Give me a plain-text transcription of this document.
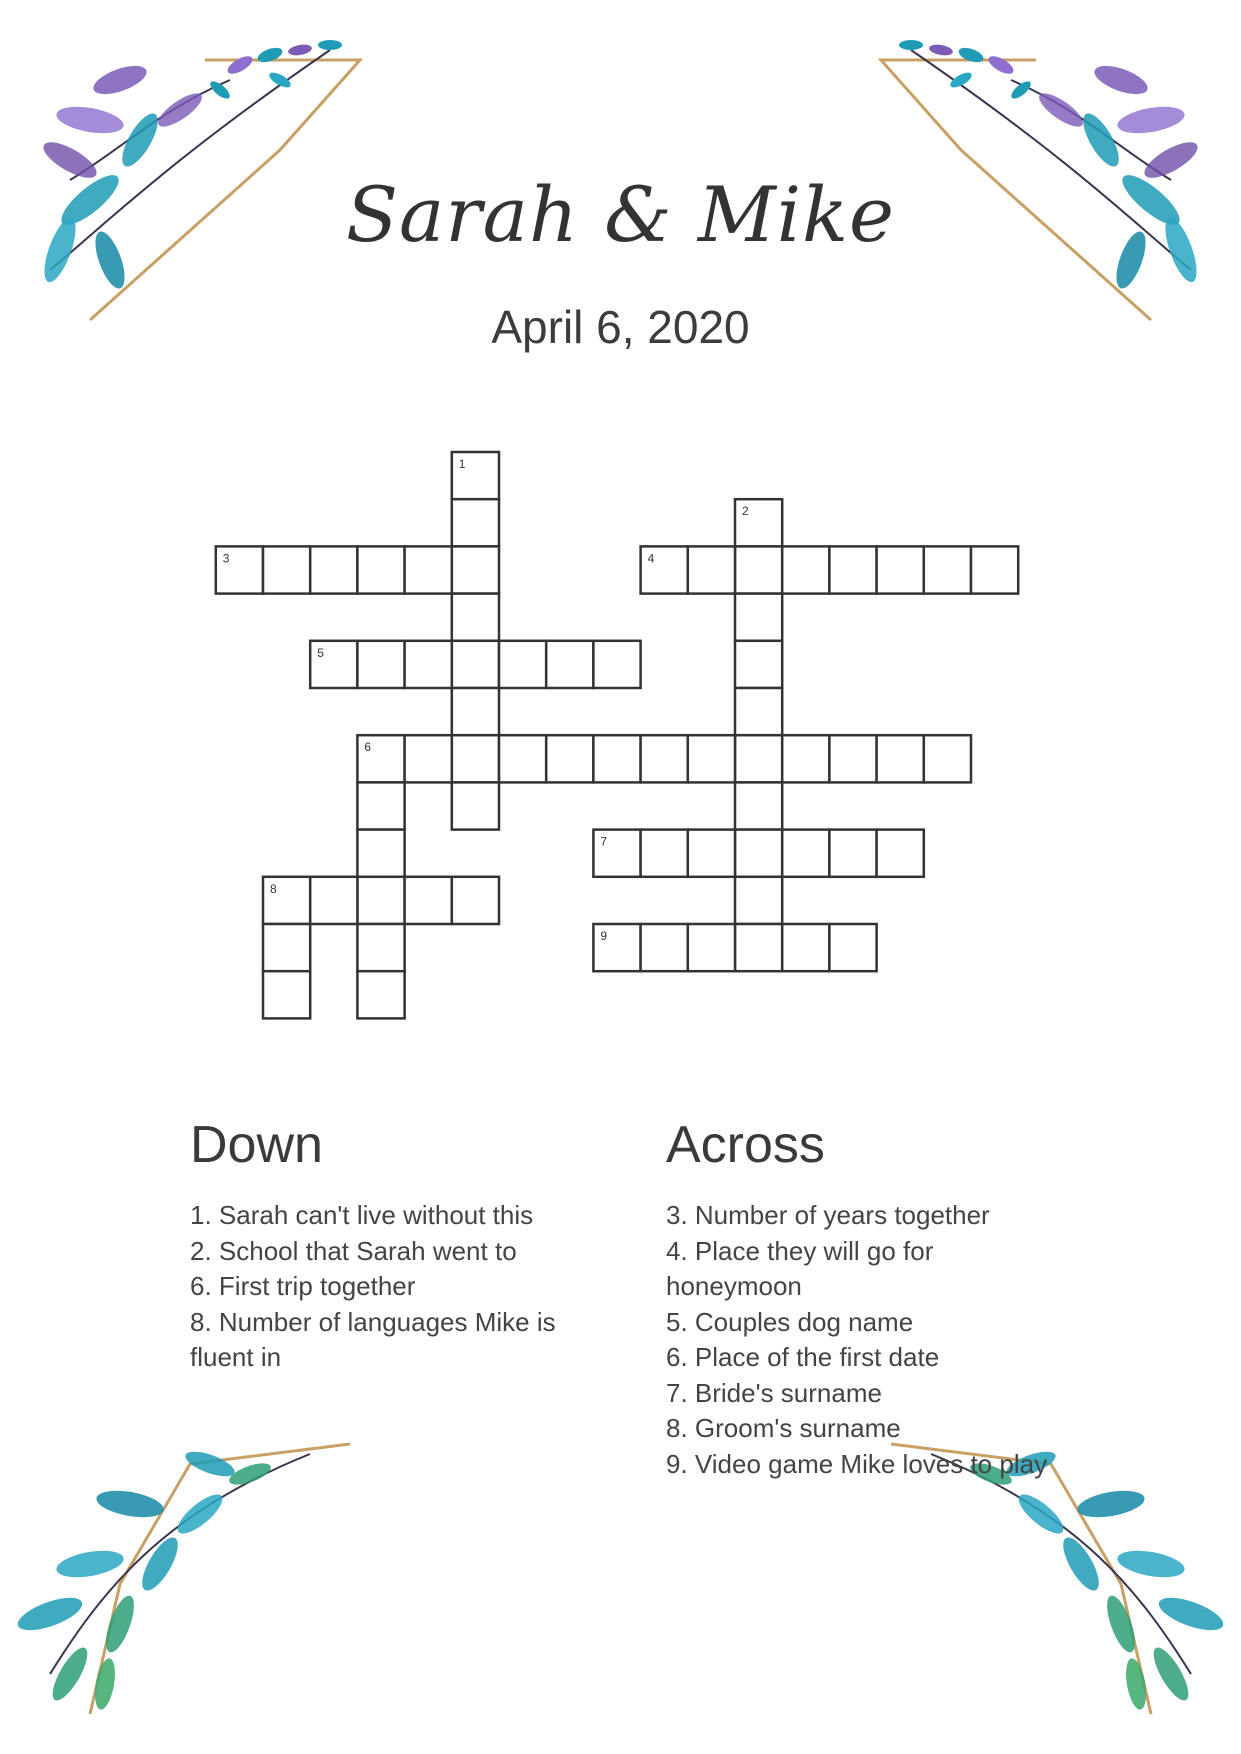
Sarah & Mike
April 6, 2020
1
2
3	4
5
6
7
8
9
Down
1. Sarah can't live without this
2. School that Sarah went to
6. First trip together
8. Number of languages Mike is fluent in
Across
3. Number of years together
4. Place they will go for honeymoon
5. Couples dog name
6. Place of the first date
7. Bride's surname
8. Groom's surname
9. Video game Mike loves to play
